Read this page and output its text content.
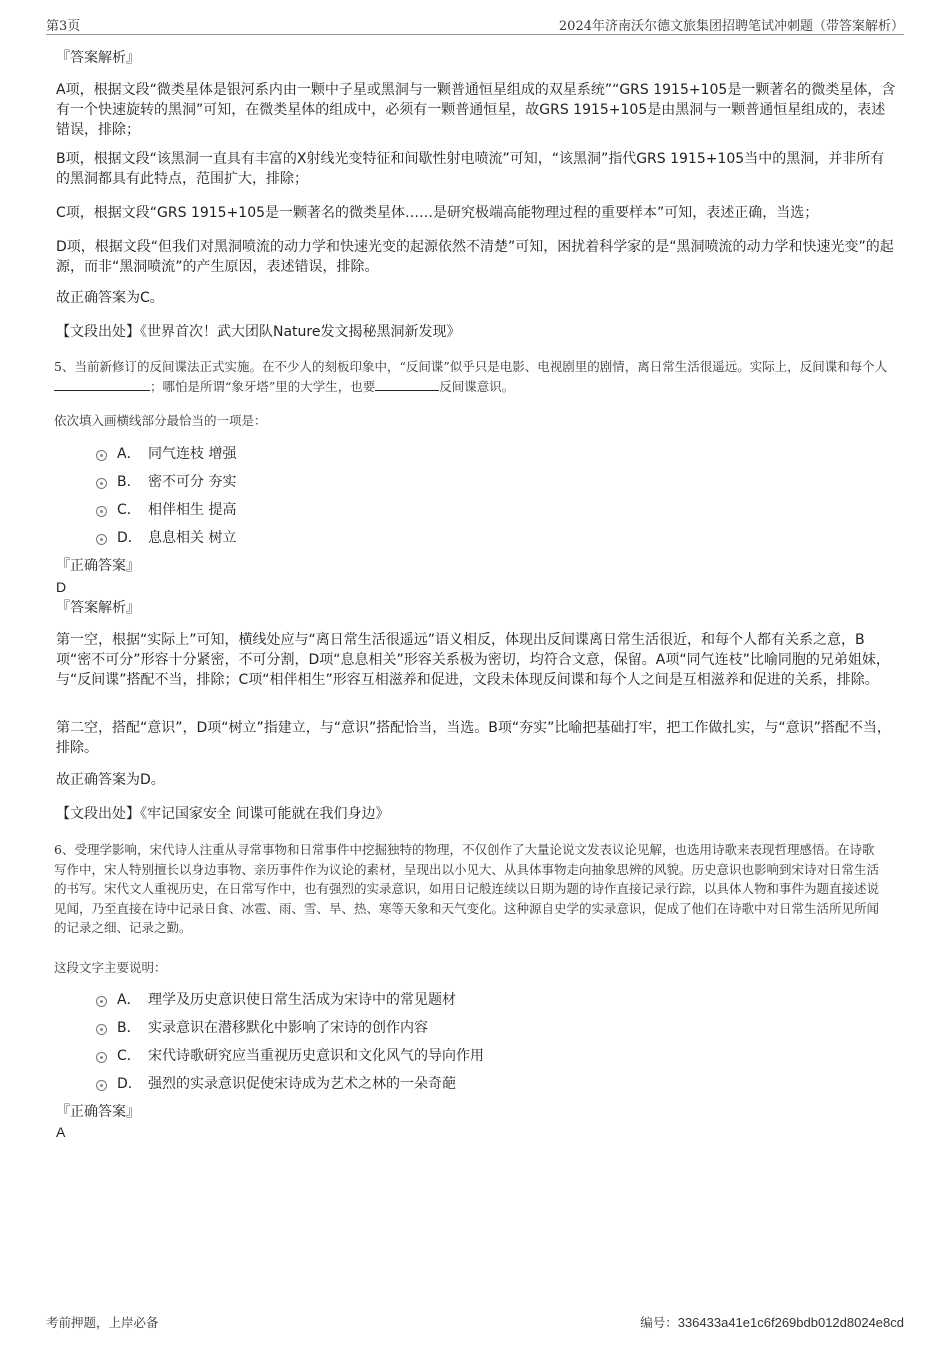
第3页	2024年济南沃尔德文旅集团招聘笔试冲刺题（带答案解析）

『答案解析』

A项，根据文段“微类星体是银河系内由一颗中子星或黑洞与一颗普通恒星组成的双星系统”“GRS 1915+105是一颗著名的微类星体，含有一个快速旋转的黑洞”可知，在微类星体的组成中，必须有一颗普通恒星，故GRS 1915+105是由黑洞与一颗普通恒星组成的，表述错误，排除；

B项，根据文段“该黑洞一直具有丰富的X射线光变特征和间歇性射电喷流”可知，“该黑洞”指代GRS 1915+105当中的黑洞，并非所有的黑洞都具有此特点，范围扩大，排除；

C项，根据文段“GRS 1915+105是一颗著名的微类星体……是研究极端高能物理过程的重要样本”可知，表述正确，当选；

D项，根据文段“但我们对黑洞喷流的动力学和快速光变的起源依然不清楚”可知，困扰着科学家的是“黑洞喷流的动力学和快速光变”的起源，而非“黑洞喷流”的产生原因，表述错误，排除。

故正确答案为C。

【文段出处】《世界首次！武大团队Nature发文揭秘黑洞新发现》

5、当前新修订的反间谍法正式实施。在不少人的刻板印象中，“反间谍”似乎只是电影、电视剧里的剧情，离日常生活很遥远。实际上，反间谍和每个人；哪怕是所谓“象牙塔”里的大学生，也要	反间谍意识。

依次填入画横线部分最恰当的一项是：

A． 同气连枝 增强
B． 密不可分 夯实
C． 相伴相生 提高
D． 息息相关 树立

『正确答案』

D

『答案解析』

第一空，根据“实际上”可知，横线处应与“离日常生活很遥远”语义相反，体现出反间谍离日常生活很近，和每个人都有关系之意，B项“密不可分”形容十分紧密，不可分割，D项“息息相关”形容关系极为密切，均符合文意，保留。A项“同气连枝”比喻同胞的兄弟姐妹，与“反间谍”搭配不当，排除；C项“相伴相生”形容互相滋养和促进，文段未体现反间谍和每个人之间是互相滋养和促进的关系，排除。

第二空，搭配“意识”，D项“树立”指建立，与“意识”搭配恰当，当选。B项“夯实”比喻把基础打牢，把工作做扎实，与“意识”搭配不当，排除。

故正确答案为D。

【文段出处】《牢记国家安全 间谍可能就在我们身边》

6、受理学影响，宋代诗人注重从寻常事物和日常事件中挖掘独特的物理，不仅创作了大量论说文发表议论见解，也选用诗歌来表现哲理感悟。在诗歌写作中，宋人特别擅长以身边事物、亲历事件作为议论的素材，呈现出以小见大、从具体事物走向抽象思辨的风貌。历史意识也影响到宋诗对日常生活的书写。宋代文人重视历史，在日常写作中，也有强烈的实录意识，如用日记般连续以日期为题的诗作直接记录行踪，以具体人物和事件为题直接述说见闻，乃至直接在诗中记录日食、冰雹、雨、雪、旱、热、寒等天象和天气变化。这种源自史学的实录意识，促成了他们在诗歌中对日常生活所见所闻的记录之细、记录之勤。

这段文字主要说明：

A． 理学及历史意识使日常生活成为宋诗中的常见题材
B． 实录意识在潜移默化中影响了宋诗的创作内容
C． 宋代诗歌研究应当重视历史意识和文化风气的导向作用
D． 强烈的实录意识促使宋诗成为艺术之林的一朵奇葩

『正确答案』

A

考前押题，上岸必备	编号：336433a41e1c6f269bdb012d8024e8cd
